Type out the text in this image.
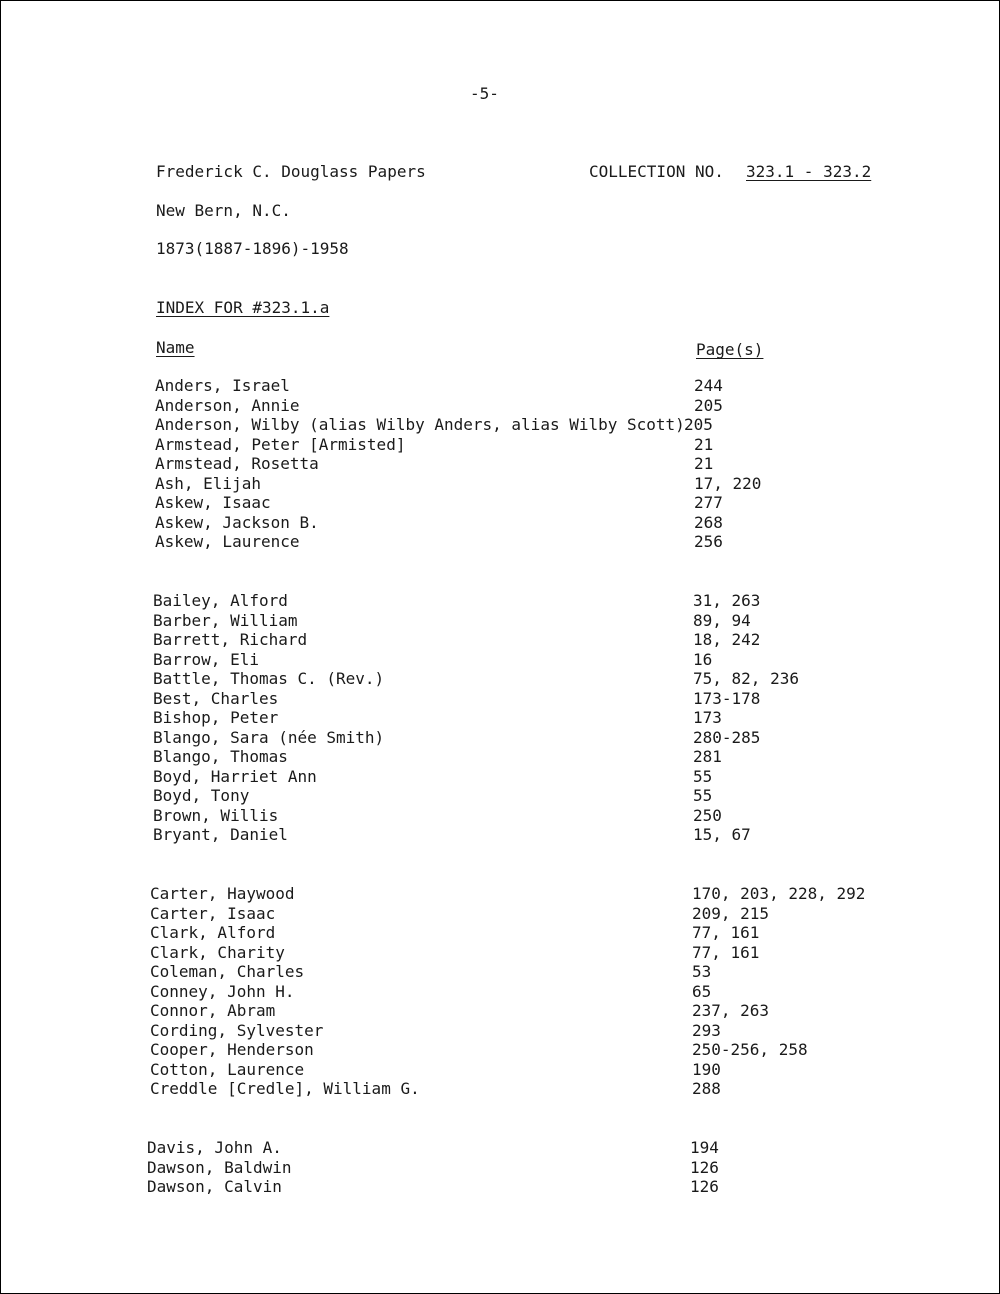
-5-
Frederick C. Douglass Papers	COLLECTION NO. 323.1 - 323.2
New Bern, N.C.
1873(1887-1896)-1958
INDEX FOR #323.1.a
Name	Page(s)
Anders, Israel	244
Anderson, Annie	205
Anderson, Wilby (alias Wilby Anders, alias Wilby Scott) 205
Armstead, Peter [Armisted]	21
Armstead, Rosetta	21
Ash, Elijah	17, 220
Askew, Isaac	277
Askew, Jackson B.	268
Askew, Laurence	256
Bailey, Alford	31, 263
Barber, William	89, 94
Barrett, Richard	18, 242
Barrow, Eli	16
Battle, Thomas C. (Rev.)	75, 82, 236
Best, Charles	173-178
Bishop, Peter	173
Blango, Sara (née Smith)	280-285
Blango, Thomas	281
Boyd, Harriet Ann	55
Boyd, Tony	55
Brown, Willis	250
Bryant, Daniel	15, 67
Carter, Haywood	170, 203, 228, 292
Carter, Isaac	209, 215
Clark, Alford	77, 161
Clark, Charity	77, 161
Coleman, Charles	53
Conney, John H.	65
Connor, Abram	237, 263
Cording, Sylvester	293
Cooper, Henderson	250-256, 258
Cotton, Laurence	190
Creddle [Credle], William G.	288
Davis, John A.	194
Dawson, Baldwin	126
Dawson, Calvin	126
